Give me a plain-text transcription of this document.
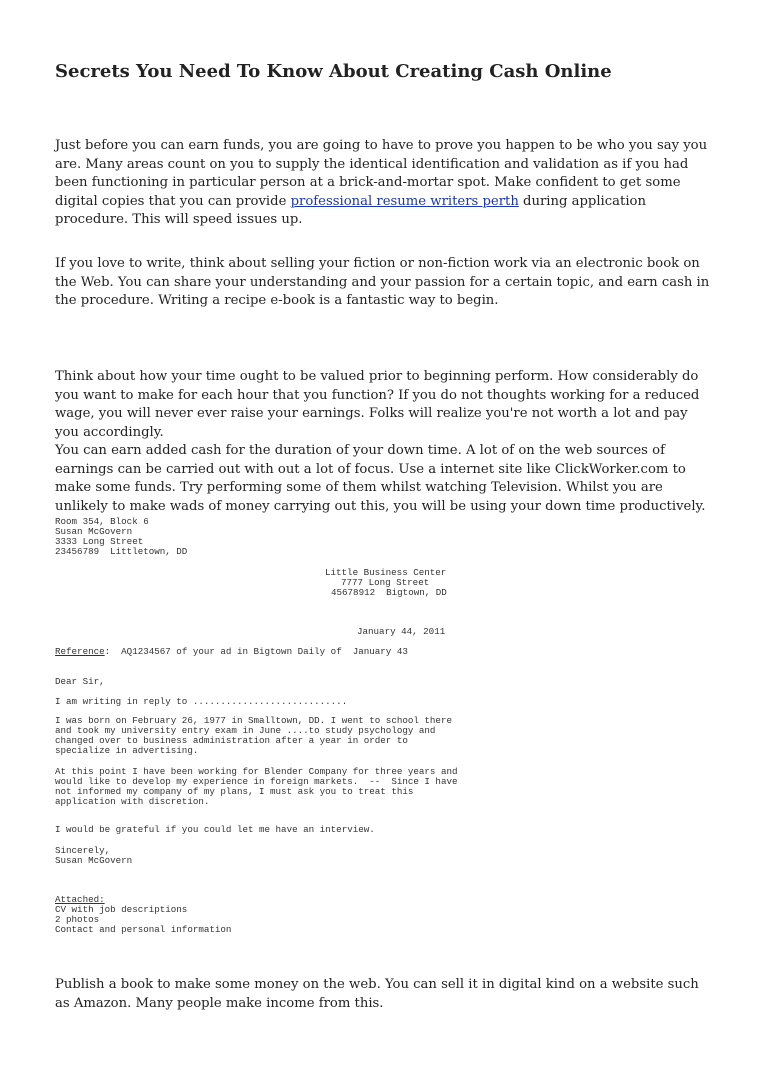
Secrets You Need To Know About Creating Cash Online

Just before you can earn funds, you are going to have to prove you happen to be who you say you are. Many areas count on you to supply the identical identification and validation as if you had been functioning in particular person at a brick-and-mortar spot. Make confident to get some digital copies that you can provide professional resume writers perth during application procedure. This will speed issues up.

If you love to write, think about selling your fiction or non-fiction work via an electronic book on the Web. You can share your understanding and your passion for a certain topic, and earn cash in the procedure. Writing a recipe e-book is a fantastic way to begin.

Think about how your time ought to be valued prior to beginning perform. How considerably do you want to make for each hour that you function? If you do not thoughts working for a reduced wage, you will never ever raise your earnings. Folks will realize you're not worth a lot and pay you accordingly.

You can earn added cash for the duration of your down time. A lot of on the web sources of earnings can be carried out with out a lot of focus. Use a internet site like ClickWorker.com to make some funds. Try performing some of them whilst watching Television. Whilst you are unlikely to make wads of money carrying out this, you will be using your down time productively.

Room 354, Block 6
Susan McGovern
3333 Long Street
23456789  Littletown, DD
Little Business Center
7777 Long Street
45678912  Bigtown, DD
January 44, 2011
Reference:  AQ1234567 of your ad in Bigtown Daily of  January 43
Dear Sir,
I am writing in reply to ............................
I was born on February 26, 1977 in Smalltown, DD. I went to school there
and took my university entry exam in June ....to study psychology and
changed over to business administration after a year in order to
specialize in advertising.
At this point I have been working for Blender Company for three years and
would like to develop my experience in foreign markets.  --  Since I have
not informed my company of my plans, I must ask you to treat this
application with discretion.
I would be grateful if you could let me have an interview.
Sincerely,
Susan McGovern
Attached:
CV with job descriptions
2 photos
Contact and personal information

Publish a book to make some money on the web. You can sell it in digital kind on a website such as Amazon. Many people make income from this.
